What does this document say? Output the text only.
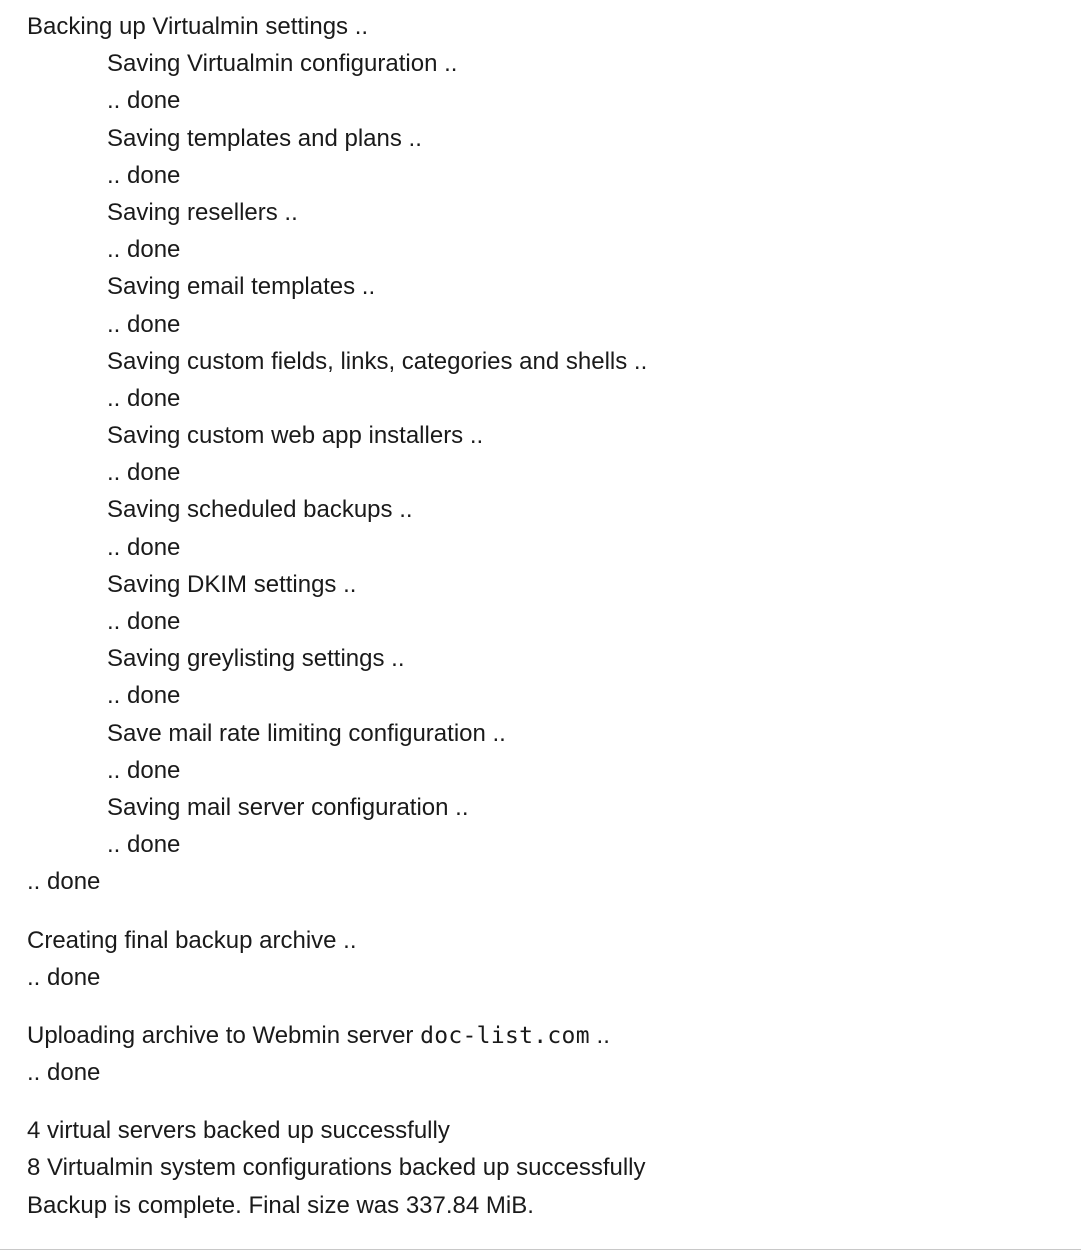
Backing up Virtualmin settings ..
Saving Virtualmin configuration ..
.. done
Saving templates and plans ..
.. done
Saving resellers ..
.. done
Saving email templates ..
.. done
Saving custom fields, links, categories and shells ..
.. done
Saving custom web app installers ..
.. done
Saving scheduled backups ..
.. done
Saving DKIM settings ..
.. done
Saving greylisting settings ..
.. done
Save mail rate limiting configuration ..
.. done
Saving mail server configuration ..
.. done
.. done
Creating final backup archive ..
.. done
Uploading archive to Webmin server doc-list.com ..
.. done
4 virtual servers backed up successfully
8 Virtualmin system configurations backed up successfully
Backup is complete. Final size was 337.84 MiB.
